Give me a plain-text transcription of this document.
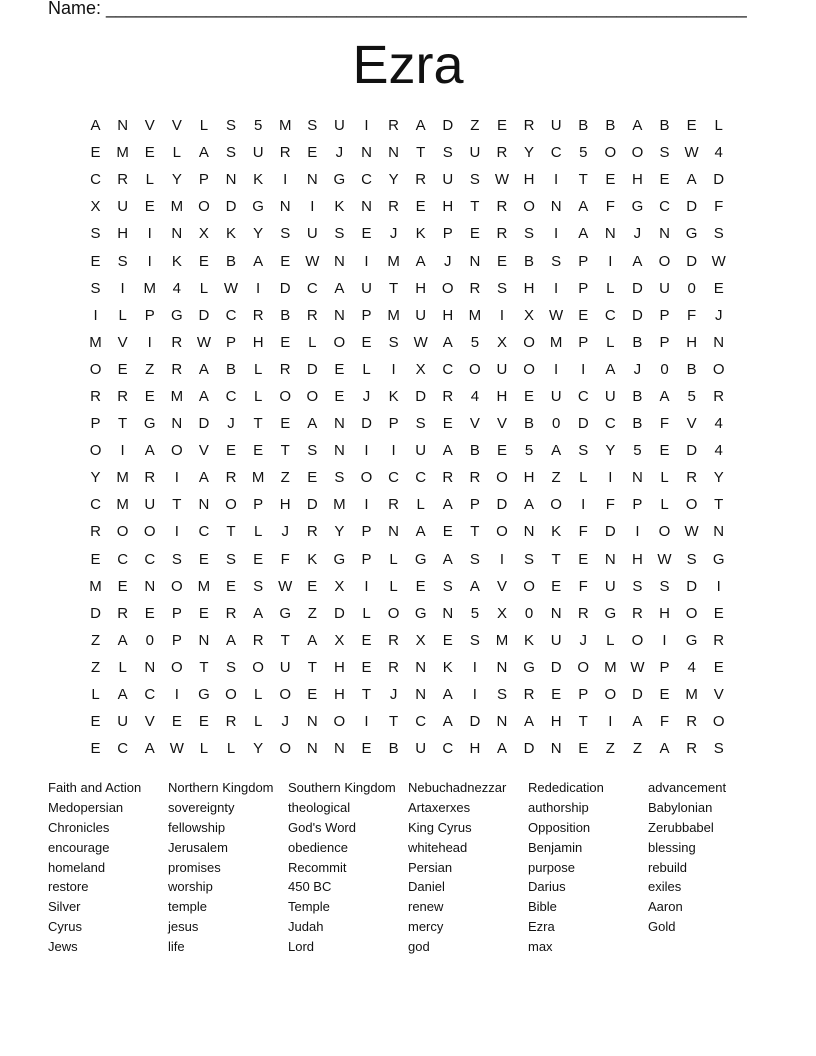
Name: ________________________________________________________________
Ezra
A	N	V	V	L	S	5	M	S	U	I	R	A	D	Z	E	R	U	B	B	A	B	E	L
E	M	E	L	A	S	U	R	E	J	N	N	T	S	U	R	Y	C	5	O	O	S	W	4
C	R	L	Y	P	N	K	I	N	G	C	Y	R	U	S	W H	I	T	E	H	E	A	D
X	U	E	M	O	D	G	N	I	K	N	R	E	H	T	R	O	N	A	F	G	C	D	F
S	H	I	N	X	K	Y	S	U	S	E	J	K	P	E	R	S	I	A	N	J	N	G	S
E	S	I	K	E	B	A	E	W N	I	M	A	J	N	E	B	S	P	I	A	O	D W
S	I	M	4	L	W	I	D	C	A	U	T	H	O	R	S	H	I	P	L	D	U	0	E
I	L	P	G	D	C	R	B	R	N	P	M	U	H	M	I	X	W	E	C	D	P	F	J
M	V	I	R W	P	H	E	L	O	E	S	W	A	5	X	O	M	P	L	B	P	H	N
O	E	Z	R	A	B	L	R	D	E	L	I	X	C	O	U	O	I	I	A	J	0	B	O
R	R	E	M	A	C	L	O	O	E	J	K	D	R	4	H	E	U	C	U	B	A	5	R
P	T	G	N	D	J	T	E	A	N	D	P	S	E	V	V	B	0	D	C	B	F	V	4
O	I	A	O	V	E	E	T	S	N	I	I	U	A	B	E	5	A	S	Y	5	E	D	4
Y	M	R	I	A	R	M	Z	E	S	O	C	C	R	R	O	H	Z	L	I	N	L	R	Y
C	M	U	T	N	O	P	H	D	M	I	R	L	A	P	D	A	O	I	F	P	L	O	T
R	O	O	I	C	T	L	J	R	Y	P	N	A	E	T	O	N	K	F	D	I	O W N
E	C	C	S	E	S	E	F	K	G	P	L	G	A	S	I	S	T	E	N	H W	S	G
M	E	N	O	M	E	S	W	E	X	I	L	E	S	A	V	O	E	F	U	S	S	D	I
D	R	E	P	E	R	A	G	Z	D	L	O	G	N	5	X	0	N	R	G	R	H	O	E
Z	A	0	P	N	A	R	T	A	X	E	R	X	E	S	M	K	U	J	L	O	I	G	R
Z	L	N	O	T	S	O	U	T	H	E	R	N	K	I	N	G	D	O	M W	P	4	E
L	A	C	I	G	O	L	O	E	H	T	J	N	A	I	S	R	E	P	O	D	E	M	V
E	U	V	E	E	R	L	J	N	O	I	T	C	A	D	N	A	H	T	I	A	F	R	O
E	C	A	W	L	L	Y	O	N	N	E	B	U	C	H	A	D	N	E	Z	Z	A	R	S
Faith and Action
Medopersian
Chronicles
encourage
homeland
restore
Silver
Cyrus
Jews
Northern Kingdom
sovereignty
fellowship
Jerusalem
promises
worship
temple
jesus
life
Southern Kingdom
theological
God's Word
obedience
Recommit
450 BC
Temple
Judah
Lord
Nebuchadnezzar
Artaxerxes
King Cyrus
whitehead
Persian
Daniel
renew
mercy
god
Rededication
authorship
Opposition
Benjamin
purpose
Darius
Bible
Ezra
max
advancement
Babylonian
Zerubbabel
blessing
rebuild
exiles
Aaron
Gold
